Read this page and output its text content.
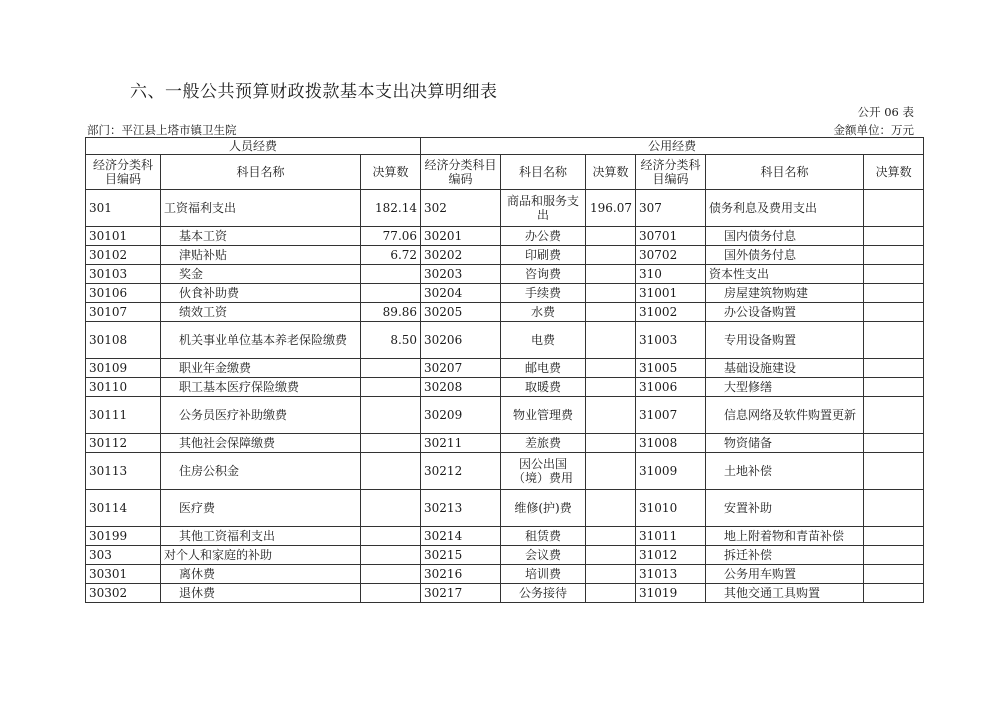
六、一般公共预算财政拨款基本支出决算明细表
公开 06 表
部门：平江县上塔市镇卫生院	金额单位：万元
人员经费			公用经费					
经济分类科目编码	科目名称	决算数	经济分类科目编码	科目名称	决算数	经济分类科目编码	科目名称	决算数
301	工资福利支出	182.14	302	商品和服务支出	196.07	307	债务利息及费用支出	
30101	基本工资	77.06	30201	办公费		30701	国内债务付息	
30102	津贴补贴	6.72	30202	印刷费		30702	国外债务付息	
30103	奖金		30203	咨询费		310	资本性支出	
30106	伙食补助费		30204	手续费		31001	房屋建筑物购建	
30107	绩效工资	89.86	30205	水费		31002	办公设备购置	
30108	机关事业单位基本养老保险缴费	8.50	30206	电费		31003	专用设备购置	
30109	职业年金缴费		30207	邮电费		31005	基础设施建设	
30110	职工基本医疗保险缴费		30208	取暖费		31006	大型修缮	
30111	公务员医疗补助缴费		30209	物业管理费		31007	信息网络及软件购置更新	
30112	其他社会保障缴费		30211	差旅费		31008	物资储备	
30113	住房公积金		30212	因公出国（境）费用		31009	土地补偿	
30114	医疗费		30213	维修(护)费		31010	安置补助	
30199	其他工资福利支出		30214	租赁费		31011	地上附着物和青苗补偿	
303	对个人和家庭的补助		30215	会议费		31012	拆迁补偿	
30301	离休费		30216	培训费		31013	公务用车购置	
30302	退休费		30217	公务接待		31019	其他交通工具购置	
